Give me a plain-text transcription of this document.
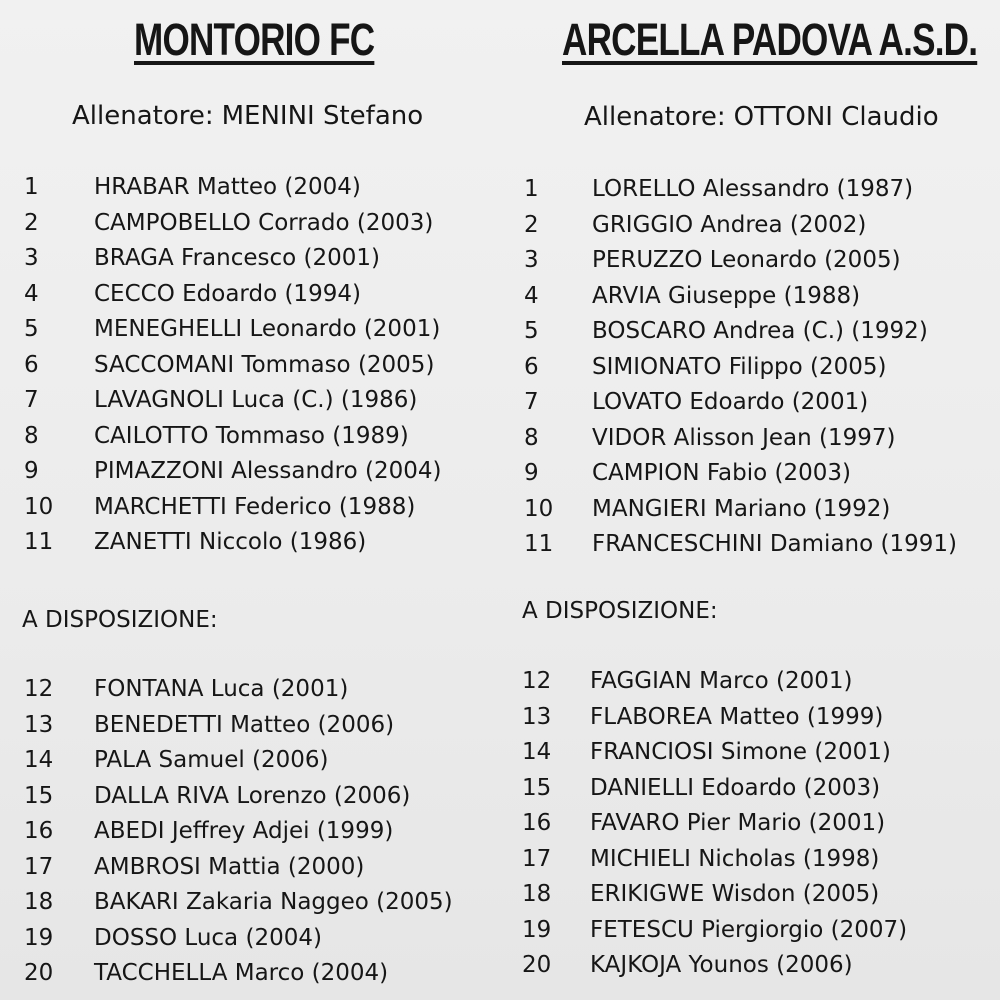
MONTORIO FC	ARCELLA PADOVA A.S.D.
Allenatore: MENINI Stefano	Allenatore: OTTONI Claudio
1 HRABAR Matteo (2004)
2 CAMPOBELLO Corrado (2003)
3 BRAGA Francesco (2001)
4 CECCO Edoardo (1994)
5 MENEGHELLI Leonardo (2001)
6 SACCOMANI Tommaso (2005)
7 LAVAGNOLI Luca (C.) (1986)
8 CAILOTTO Tommaso (1989)
9 PIMAZZONI Alessandro (2004)
10 MARCHETTI Federico (1988)
11 ZANETTI Niccolo (1986)
1 LORELLO Alessandro (1987)
2 GRIGGIO Andrea (2002)
3 PERUZZO Leonardo (2005)
4 ARVIA Giuseppe (1988)
5 BOSCARO Andrea (C.) (1992)
6 SIMIONATO Filippo (2005)
7 LOVATO Edoardo (2001)
8 VIDOR Alisson Jean (1997)
9 CAMPION Fabio (2003)
10 MANGIERI Mariano (1992)
11 FRANCESCHINI Damiano (1991)
A DISPOSIZIONE:	A DISPOSIZIONE:
12 FONTANA Luca (2001)
13 BENEDETTI Matteo (2006)
14 PALA Samuel (2006)
15 DALLA RIVA Lorenzo (2006)
16 ABEDI Jeffrey Adjei (1999)
17 AMBROSI Mattia (2000)
18 BAKARI Zakaria Naggeo (2005)
19 DOSSO Luca (2004)
20 TACCHELLA Marco (2004)
12 FAGGIAN Marco (2001)
13 FLABOREA Matteo (1999)
14 FRANCIOSI Simone (2001)
15 DANIELLI Edoardo (2003)
16 FAVARO Pier Mario (2001)
17 MICHIELI Nicholas (1998)
18 ERIKIGWE Wisdon (2005)
19 FETESCU Piergiorgio (2007)
20 KAJKOJA Younos (2006)
